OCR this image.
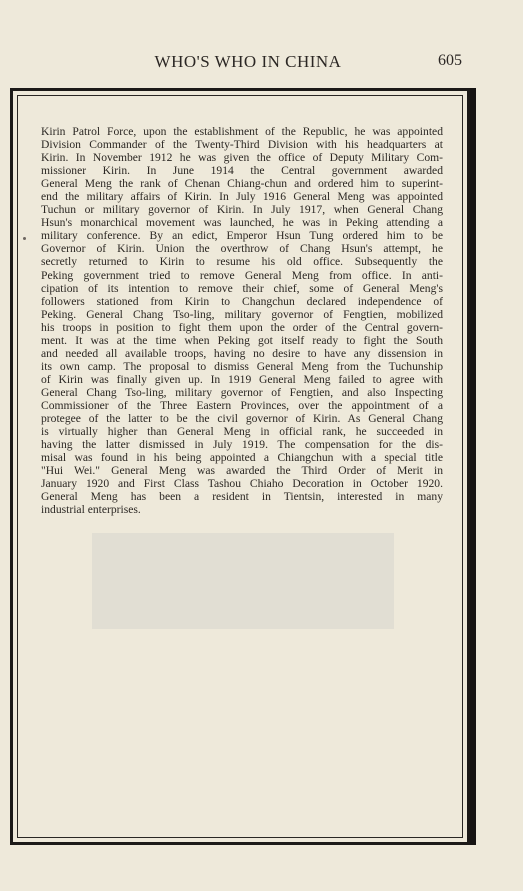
WHO'S WHO IN CHINA	605
Kirin Patrol Force, upon the establishment of the Republic, he was appointed
Division Commander of the Twenty-Third Division with his headquarters at
Kirin. In November 1912 he was given the office of Deputy Military Com-
missioner Kirin. In June 1914 the Central government awarded
General Meng the rank of Chenan Chiang-chun and ordered him to superint-
end the military affairs of Kirin. In July 1916 General Meng was appointed
Tuchun or military governor of Kirin. In July 1917, when General Chang
Hsun's monarchical movement was launched, he was in Peking attending a
military conference. By an edict, Emperor Hsun Tung ordered him to be
Governor of Kirin. Union the overthrow of Chang Hsun's attempt, he
secretly returned to Kirin to resume his old office. Subsequently the
Peking government tried to remove General Meng from office. In anti-
cipation of its intention to remove their chief, some of General Meng's
followers stationed from Kirin to Changchun declared independence of
Peking. General Chang Tso-ling, military governor of Fengtien, mobilized
his troops in position to fight them upon the order of the Central govern-
ment. It was at the time when Peking got itself ready to fight the South
and needed all available troops, having no desire to have any dissension in
its own camp. The proposal to dismiss General Meng from the Tuchunship
of Kirin was finally given up. In 1919 General Meng failed to agree with
General Chang Tso-ling, military governor of Fengtien, and also Inspecting
Commissioner of the Three Eastern Provinces, over the appointment of a
protegee of the latter to be the civil governor of Kirin. As General Chang
is virtually higher than General Meng in official rank, he succeeded in
having the latter dismissed in July 1919. The compensation for the dis-
misal was found in his being appointed a Chiangchun with a special title
"Hui Wei." General Meng was awarded the Third Order of Merit in
January 1920 and First Class Tashou Chiaho Decoration in October 1920.
General Meng has been a resident in Tientsin, interested in many
industrial enterprises.
